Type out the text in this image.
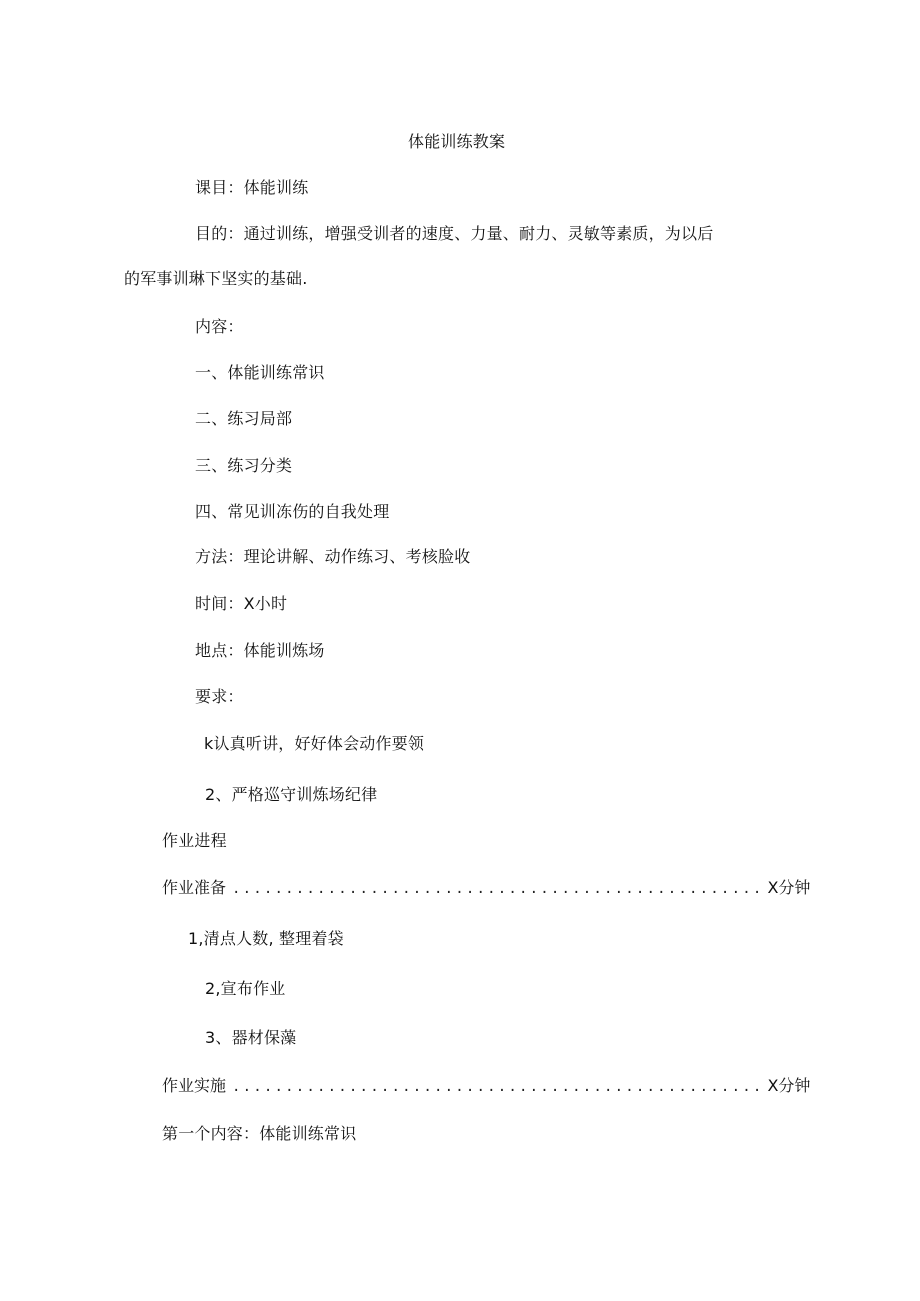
体能训练教案
课目：体能训练
目的：通过训练，增强受训者的速度、力量、耐力、灵敏等素质，为以后
的军事训琳下坚实的基础.
内容：
一、体能训练常识
二、练习局部
三、练习分类
四、常见训冻伤的自我处理
方法：理论讲解、动作练习、考核脸收
时间：X小时
地点：体能训炼场
要求：
k认真听讲，好好体会动作要领
2、严格巡守训炼场纪律
作业进程
作业准备 .................................................. X分钟
1,清点人数, 整理着袋
2,宣布作业
3、器材保藻
作业实施 .................................................. X分钟
第一个内容：体能训练常识
